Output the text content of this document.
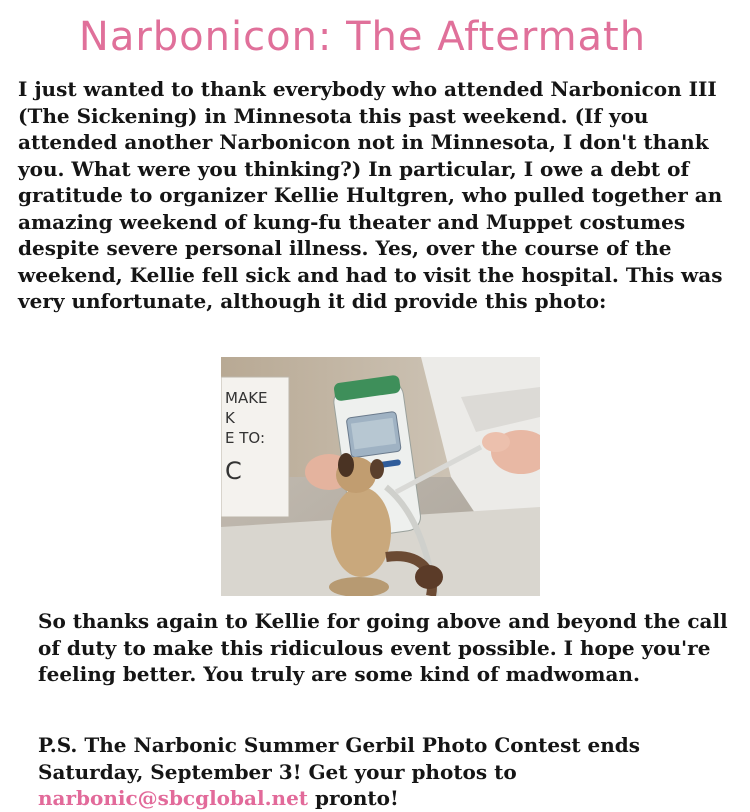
Narbonicon: The Aftermath

I just wanted to thank everybody who attended Narbonicon III (The Sickening) in Minnesota this past weekend. (If you attended another Narbonicon not in Minnesota, I don't thank you. What were you thinking?) In particular, I owe a debt of gratitude to organizer Kellie Hultgren, who pulled together an amazing weekend of kung-fu theater and Muppet costumes despite severe personal illness. Yes, over the course of the weekend, Kellie fell sick and had to visit the hospital. This was very unfortunate, although it did provide this photo:

MAKE
K
E TO:
C

So thanks again to Kellie for going above and beyond the call of duty to make this ridiculous event possible. I hope you're feeling better. You truly are some kind of madwoman.

P.S. The Narbonic Summer Gerbil Photo Contest ends Saturday, September 3! Get your photos to narbonic@sbcglobal.net pronto!
